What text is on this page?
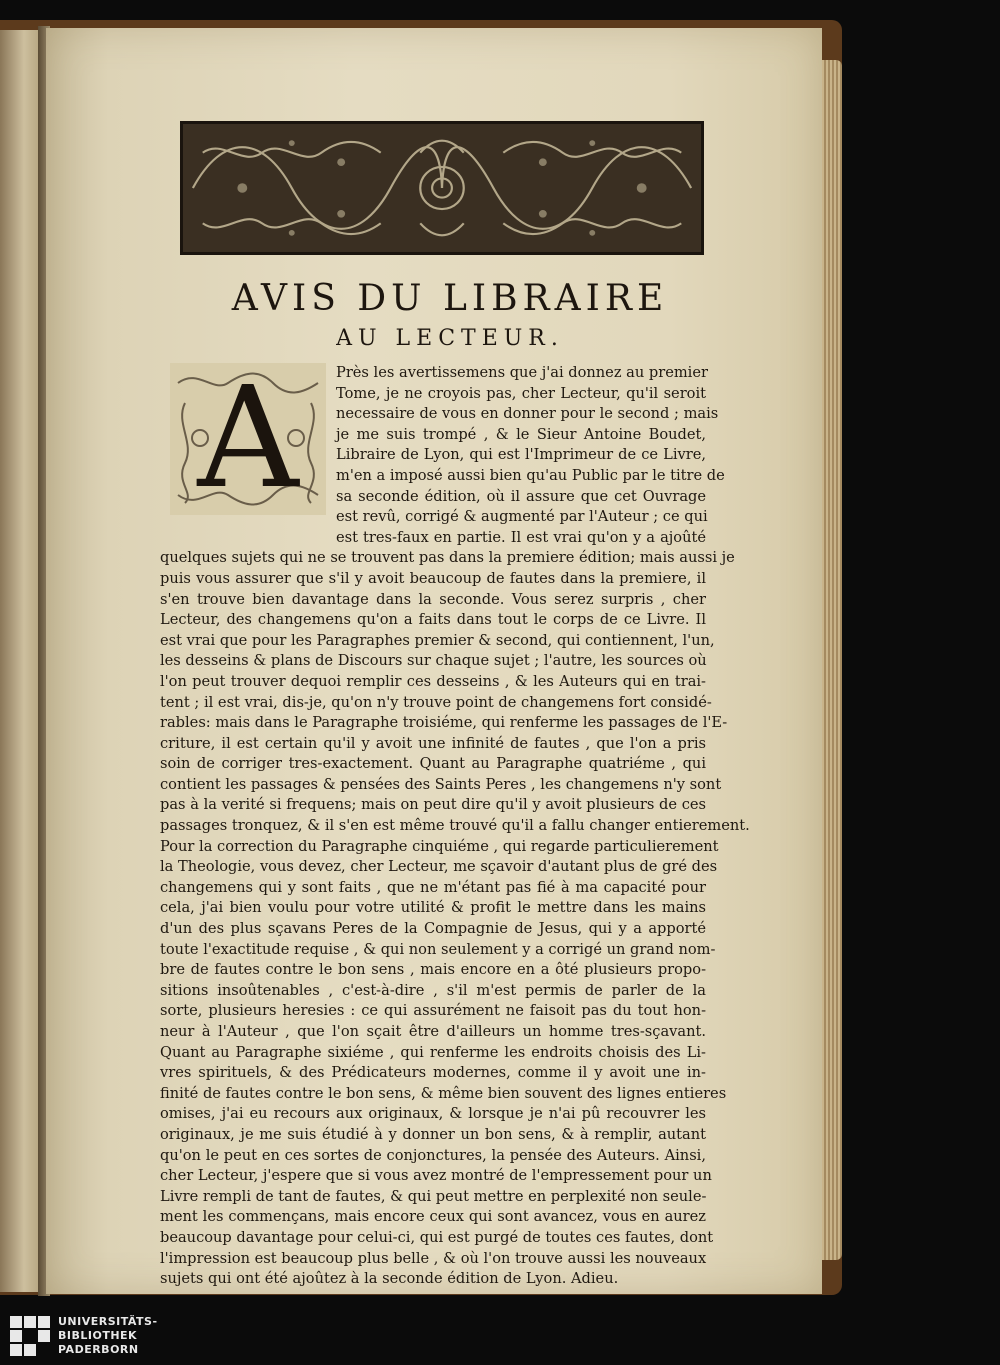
AVIS DU LIBRAIRE
AU LECTEUR.
A	Près les avertissemens que j'ai donnez au premier
Tome, je ne croyois pas, cher Lecteur, qu'il seroit
necessaire de vous en donner pour le second ; mais
je me suis trompé , & le Sieur Antoine Boudet,
Libraire de Lyon, qui est l'Imprimeur de ce Livre,
m'en a imposé aussi bien qu'au Public par le titre de
sa seconde édition, où il assure que cet Ouvrage
est revû, corrigé & augmenté par l'Auteur ; ce qui
est tres-faux en partie. Il est vrai qu'on y a ajoûté
quelques sujets qui ne se trouvent pas dans la premiere édition; mais aussi je
puis vous assurer que s'il y avoit beaucoup de fautes dans la premiere, il
s'en trouve bien davantage dans la seconde. Vous serez surpris , cher
Lecteur, des changemens qu'on a faits dans tout le corps de ce Livre. Il
est vrai que pour les Paragraphes premier & second, qui contiennent, l'un,
les desseins & plans de Discours sur chaque sujet ; l'autre, les sources où
l'on peut trouver dequoi remplir ces desseins , & les Auteurs qui en trai-
tent ; il est vrai, dis-je, qu'on n'y trouve point de changemens fort considé-
rables: mais dans le Paragraphe troisiéme, qui renferme les passages de l'E-
criture, il est certain qu'il y avoit une infinité de fautes , que l'on a pris
soin de corriger tres-exactement. Quant au Paragraphe quatriéme , qui
contient les passages & pensées des Saints Peres , les changemens n'y sont
pas à la verité si frequens; mais on peut dire qu'il y avoit plusieurs de ces
passages tronquez, & il s'en est même trouvé qu'il a fallu changer entierement.
Pour la correction du Paragraphe cinquiéme , qui regarde particulierement
la Theologie, vous devez, cher Lecteur, me sçavoir d'autant plus de gré des
changemens qui y sont faits , que ne m'étant pas fié à ma capacité pour
cela, j'ai bien voulu pour votre utilité & profit le mettre dans les mains
d'un des plus sçavans Peres de la Compagnie de Jesus, qui y a apporté
toute l'exactitude requise , & qui non seulement y a corrigé un grand nom-
bre de fautes contre le bon sens , mais encore en a ôté plusieurs propo-
sitions insoûtenables , c'est-à-dire , s'il m'est permis de parler de la
sorte, plusieurs heresies : ce qui assurément ne faisoit pas du tout hon-
neur à l'Auteur , que l'on sçait être d'ailleurs un homme tres-sçavant.
Quant au Paragraphe sixiéme , qui renferme les endroits choisis des Li-
vres spirituels, & des Prédicateurs modernes, comme il y avoit une in-
finité de fautes contre le bon sens, & même bien souvent des lignes entieres
omises, j'ai eu recours aux originaux, & lorsque je n'ai pû recouvrer les
originaux, je me suis étudié à y donner un bon sens, & à remplir, autant
qu'on le peut en ces sortes de conjonctures, la pensée des Auteurs. Ainsi,
cher Lecteur, j'espere que si vous avez montré de l'empressement pour un
Livre rempli de tant de fautes, & qui peut mettre en perplexité non seule-
ment les commençans, mais encore ceux qui sont avancez, vous en aurez
beaucoup davantage pour celui-ci, qui est purgé de toutes ces fautes, dont
l'impression est beaucoup plus belle , & où l'on trouve aussi les nouveaux
sujets qui ont été ajoûtez à la seconde édition de Lyon. Adieu.
UNIVERSITÄTS-
BIBLIOTHEK
PADERBORN
